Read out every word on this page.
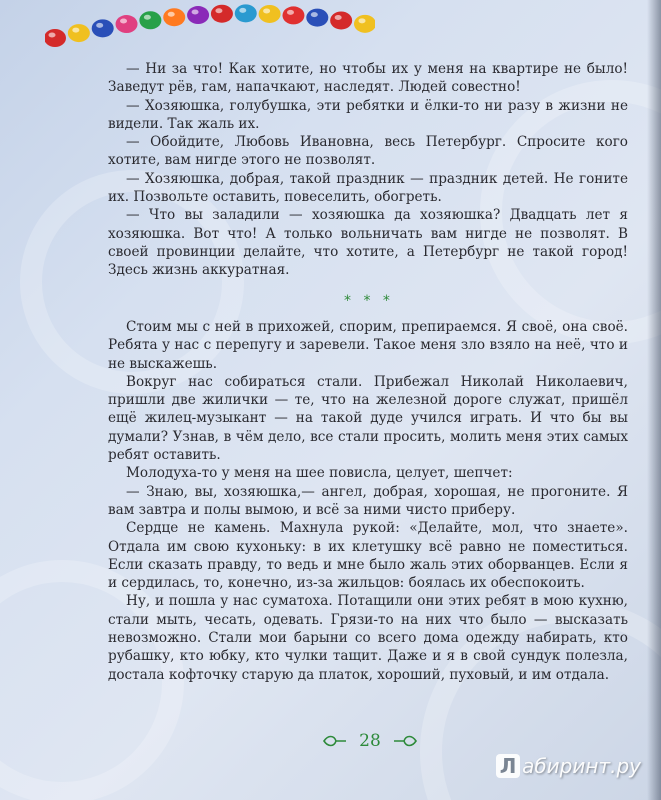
— Ни за что! Как хотите, но чтобы их у меня на квартире не было! Заведут рёв, гам, напачкают, наследят. Людей совестно!

— Хозяюшка, голубушка, эти ребятки и ёлки-то ни разу в жизни не видели. Так жаль их.

— Обойдите, Любовь Ивановна, весь Петербург. Спросите кого хотите, вам нигде этого не позволят.

— Хозяюшка, добрая, такой праздник — праздник детей. Не гоните их. Позвольте оставить, повеселить, обогреть.

— Что вы заладили — хозяюшка да хозяюшка? Двадцать лет я хозяюшка. Вот что! А только вольничать вам нигде не позволят. В своей провинции делайте, что хотите, а Петербург не такой город! Здесь жизнь аккуратная.

* * *

Стоим мы с ней в прихожей, спорим, препираемся. Я своё, она своё. Ребята у нас с перепугу и заревели. Такое меня зло взяло на неё, что и не выскажешь.

Вокруг нас собираться стали. Прибежал Николай Николаевич, пришли две жилички — те, что на железной дороге служат, пришёл ещё жилец-музыкант — на такой дуде учился играть. И что бы вы думали? Узнав, в чём дело, все стали просить, молить меня этих самых ребят оставить.

Молодуха-то у меня на шее повисла, целует, шепчет:

— Знаю, вы, хозяюшка,— ангел, добрая, хорошая, не прогоните. Я вам завтра и полы вымою, и всё за ними чисто приберу.

Сердце не камень. Махнула рукой: «Делайте, мол, что знаете». Отдала им свою кухоньку: в их клетушку всё равно не поместиться. Если сказать правду, то ведь и мне было жаль этих оборванцев. Если я и сердилась, то, конечно, из-за жильцов: боялась их обеспокоить.

Ну, и пошла у нас суматоха. Потащили они этих ребят в мою кухню, стали мыть, чесать, одевать. Грязи-то на них что было — высказать невозможно. Стали мои барыни со всего дома одежду набирать, кто рубашку, кто юбку, кто чулки тащит. Даже и я в свой сундук полезла, достала кофточку старую да платок, хороший, пуховый, и им отдала.

28
Л абиринт.ру
